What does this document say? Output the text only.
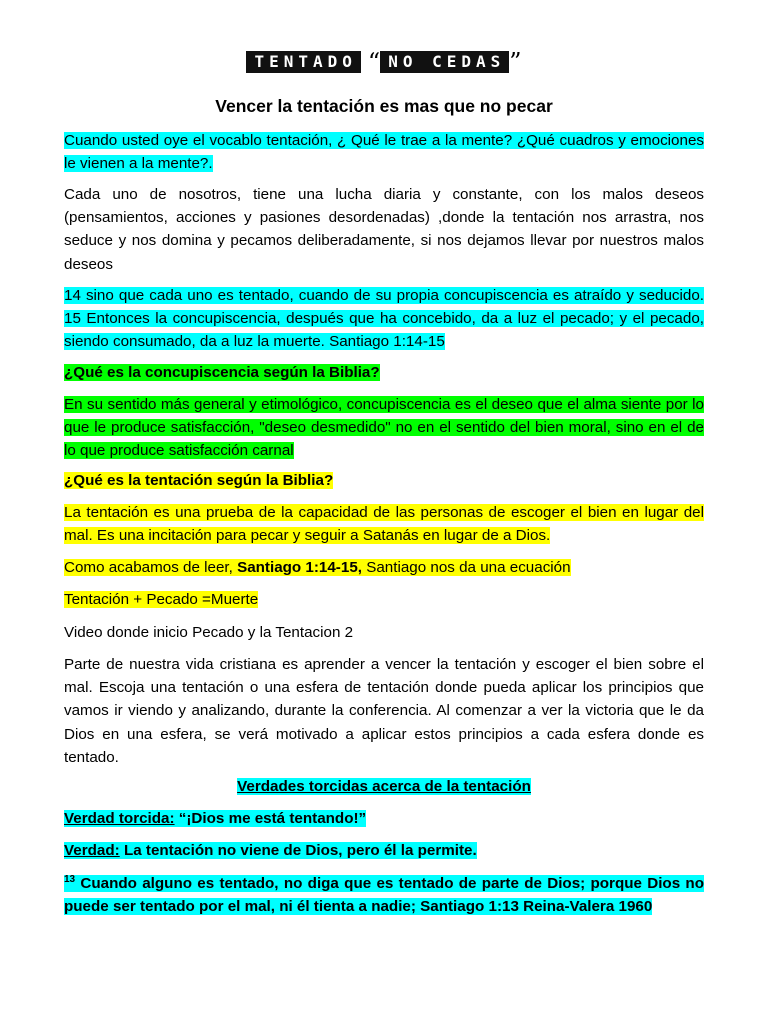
TENTADO “ NO CEDAS ”
Vencer la tentación es mas que no pecar

Cuando usted oye el vocablo tentación, ¿ Qué le trae a la mente? ¿Qué cuadros y emociones le vienen a la mente?.

Cada uno de nosotros, tiene una lucha diaria y constante, con los malos deseos (pensamientos, acciones y pasiones desordenadas) ,donde la tentación nos arrastra, nos seduce y nos domina y pecamos deliberadamente, si nos dejamos llevar por nuestros malos deseos

14 sino que cada uno es tentado, cuando de su propia concupiscencia es atraído y seducido. 15 Entonces la concupiscencia, después que ha concebido, da a luz el pecado; y el pecado, siendo consumado, da a luz la muerte. Santiago 1:14-15

¿Qué es la concupiscencia según la Biblia?

En su sentido más general y etimológico, concupiscencia es el deseo que el alma siente por lo que le produce satisfacción, "deseo desmedido" no en el sentido del bien moral, sino en el de lo que produce satisfacción carnal

¿Qué es la tentación según la Biblia?

La tentación es una prueba de la capacidad de las personas de escoger el bien en lugar del mal. Es una incitación para pecar y seguir a Satanás en lugar de a Dios.

Como acabamos de leer, Santiago 1:14-15, Santiago nos da una ecuación

Tentación + Pecado =Muerte

Video donde inicio Pecado y la Tentacion 2

Parte de nuestra vida cristiana es aprender a vencer la tentación y escoger el bien sobre el mal. Escoja una tentación o una esfera de tentación donde pueda aplicar los principios que vamos ir viendo y analizando, durante la conferencia. Al comenzar a ver la victoria que le da Dios en una esfera, se verá motivado a aplicar estos principios a cada esfera donde es tentado.

Verdades torcidas acerca de la tentación

Verdad torcida: “¡Dios me está tentando!”

Verdad: La tentación no viene de Dios, pero él la permite.

$^{13}$ Cuando alguno es tentado, no diga que es tentado de parte de Dios; porque Dios no puede ser tentado por el mal, ni él tienta a nadie; Santiago 1:13 Reina-Valera 1960
